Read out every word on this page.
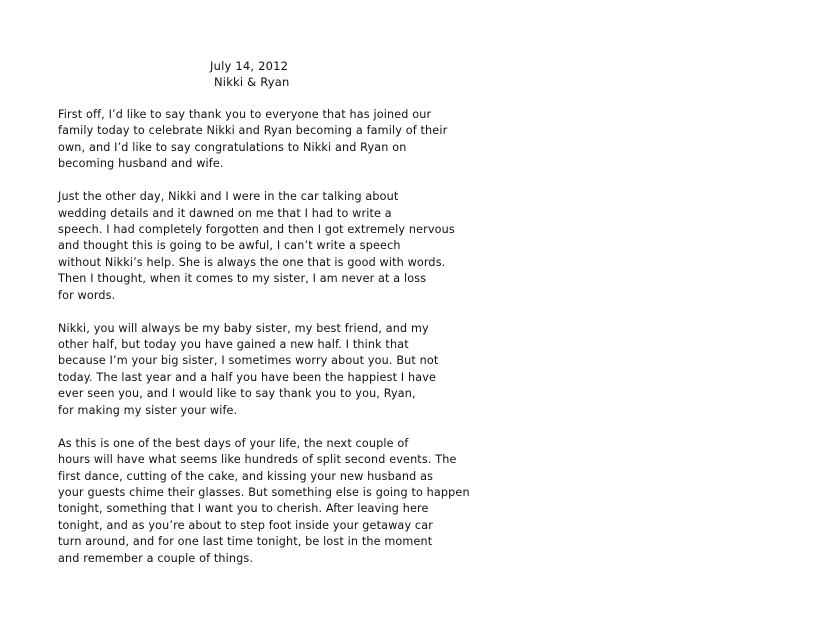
July 14, 2012
Nikki & Ryan

First off, I’d like to say thank you to everyone that has joined our
family today to celebrate Nikki and Ryan becoming a family of their
own, and I’d like to say congratulations to Nikki and Ryan on
becoming husband and wife.

Just the other day, Nikki and I were in the car talking about
wedding details and it dawned on me that I had to write a
speech. I had completely forgotten and then I got extremely nervous
and thought this is going to be awful, I can’t write a speech
without Nikki’s help. She is always the one that is good with words.
Then I thought, when it comes to my sister, I am never at a loss
for words.

Nikki, you will always be my baby sister, my best friend, and my
other half, but today you have gained a new half. I think that
because I’m your big sister, I sometimes worry about you. But not
today. The last year and a half you have been the happiest I have
ever seen you, and I would like to say thank you to you, Ryan,
for making my sister your wife.

As this is one of the best days of your life, the next couple of
hours will have what seems like hundreds of split second events. The
first dance, cutting of the cake, and kissing your new husband as
your guests chime their glasses. But something else is going to happen
tonight, something that I want you to cherish. After leaving here
tonight, and as you’re about to step foot inside your getaway car
turn around, and for one last time tonight, be lost in the moment
and remember a couple of things.
